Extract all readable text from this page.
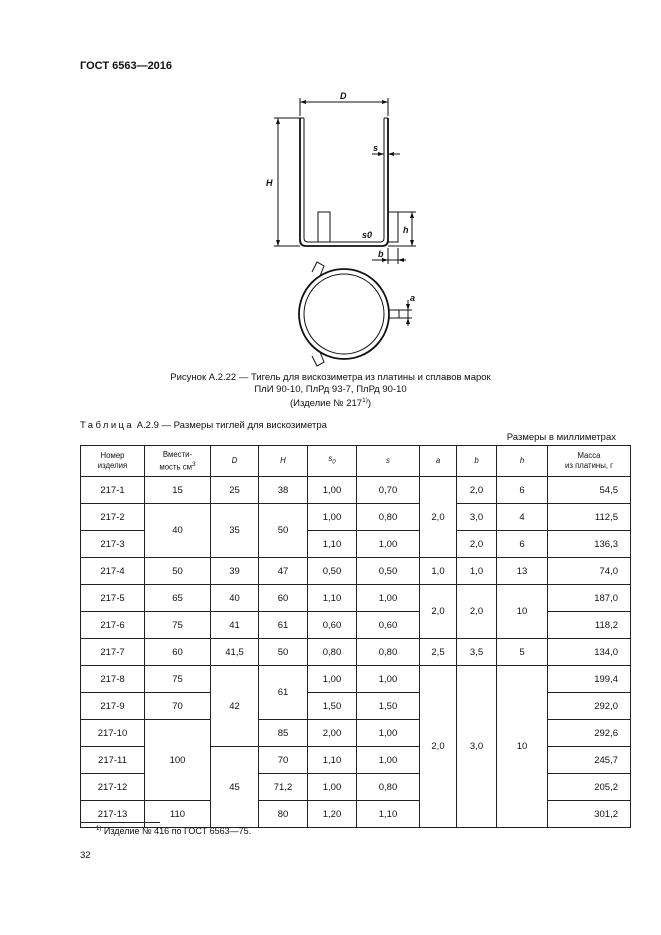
ГОСТ 6563—2016
D
H
s
s0	h
b
a
Рисунок А.2.22 — Тигель для вискозиметра из платины и сплавов марок
ПлИ 90-10, ПлРд 93-7, ПлРд 90-10
(Изделие № 217$^{1)}$)
Таблица А.2.9 — Размеры тиглей для вискозиметра
Размеры в миллиметрах
Номер
изделия	Вмести-
мость $см^3$	D	H	$s_0$	s	a	b	h	Масса
из платины, г
217-1	15	25	38	1,00	0,70	2,0	2,0	6	54,5
217-2	40	35	50	1,00	0,80		3,0	4	112,5
217-3				1,10	1,00		2,0	6	136,3
217-4	50	39	47	0,50	0,50	1,0	1,0	13	74,0
217-5	65	40	60	1,10	1,00	2,0	2,0	10	187,0
217-6	75	41	61	0,60	0,60				118,2
217-7	60	41,5	50	0,80	0,80	2,5	3,5	5	134,0
217-8	75	42	61	1,00	1,00	2,0	3,0	10	199,4
217-9	70			1,50	1,50				292,0
217-10	100		85	2,00	1,00				292,6
217-11		45	70	1,10	1,00				245,7
217-12			71,2	1,00	0,80				205,2
217-13	110		80	1,20	1,10				301,2
$^{1)}$ Изделие № 416 по ГОСТ 6563—75.
32
